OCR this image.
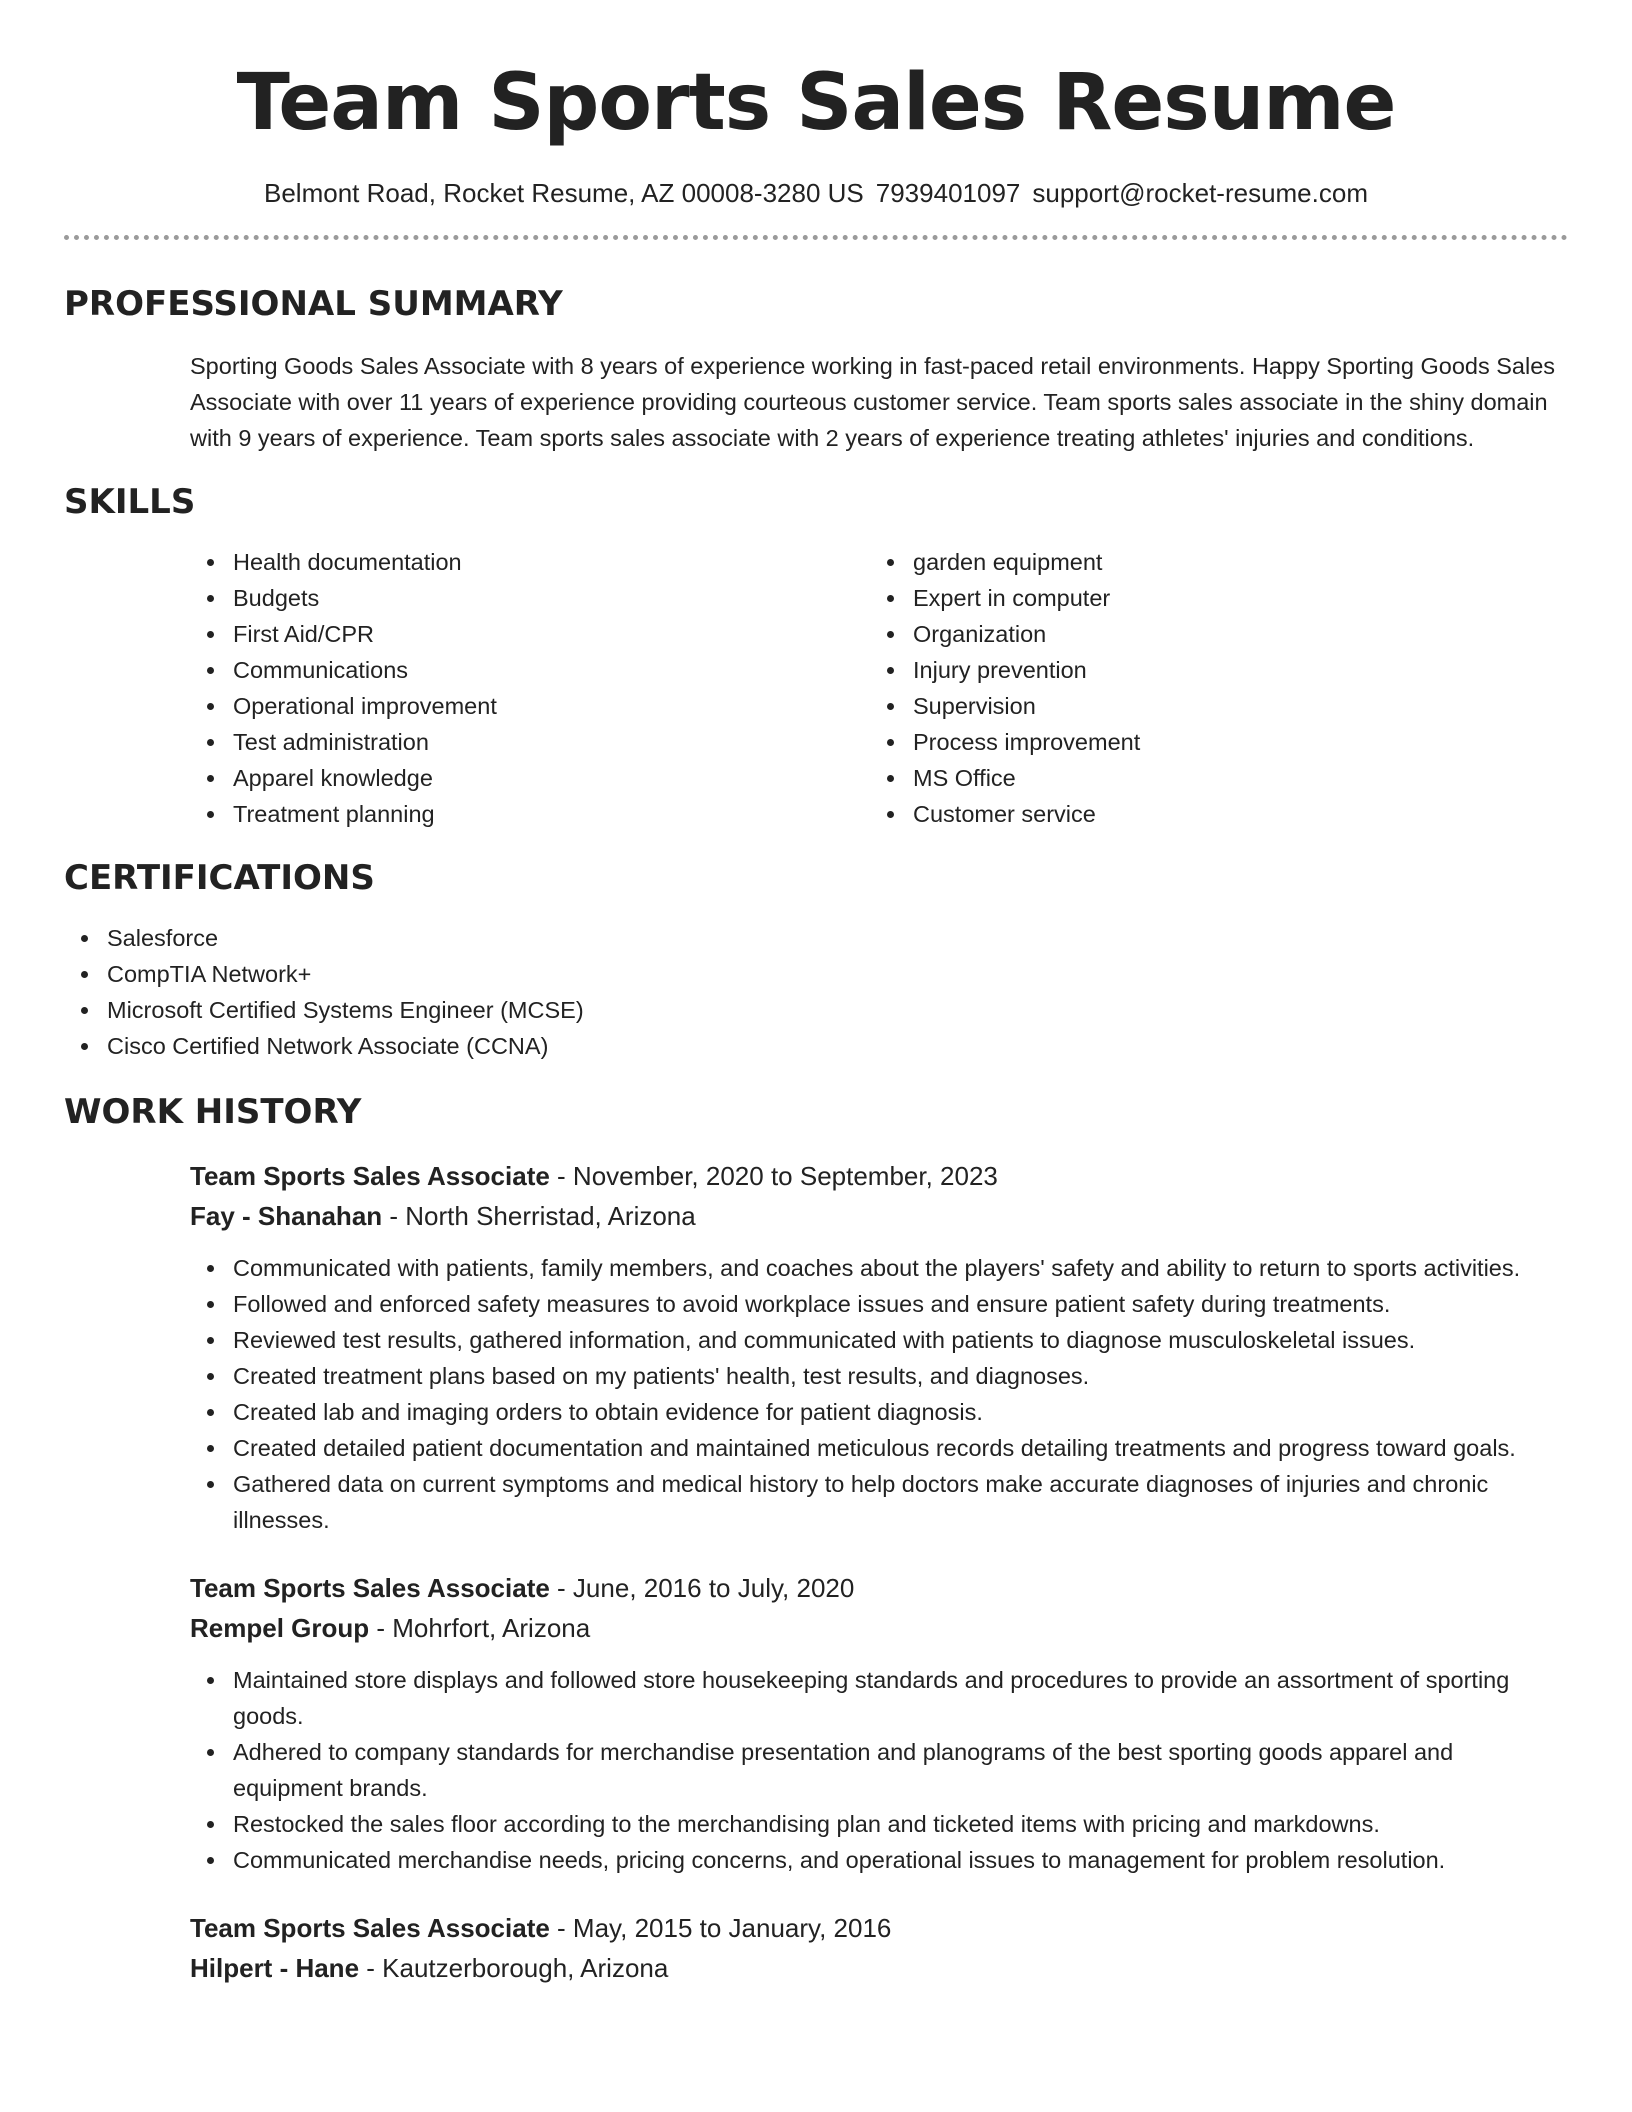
Team Sports Sales Resume
Belmont Road, Rocket Resume, AZ 00008-3280 US 7939401097 support@rocket-resume.com
PROFESSIONAL SUMMARY

Sporting Goods Sales Associate with 8 years of experience working in fast-paced retail environments. Happy Sporting Goods Sales Associate with over 11 years of experience providing courteous customer service. Team sports sales associate in the shiny domain with 9 years of experience. Team sports sales associate with 2 years of experience treating athletes' injuries and conditions.

SKILLS
Health documentation
Budgets
First Aid/CPR
Communications
Operational improvement
Test administration
Apparel knowledge
Treatment planning
garden equipment
Expert in computer
Organization
Injury prevention
Supervision
Process improvement
MS Office
Customer service
CERTIFICATIONS
Salesforce
CompTIA Network+
Microsoft Certified Systems Engineer (MCSE)
Cisco Certified Network Associate (CCNA)
WORK HISTORY
Team Sports Sales Associate - November, 2020 to September, 2023
Fay - Shanahan - North Sherristad, Arizona
Communicated with patients, family members, and coaches about the players' safety and ability to return to sports activities.
Followed and enforced safety measures to avoid workplace issues and ensure patient safety during treatments.
Reviewed test results, gathered information, and communicated with patients to diagnose musculoskeletal issues.
Created treatment plans based on my patients' health, test results, and diagnoses.
Created lab and imaging orders to obtain evidence for patient diagnosis.
Created detailed patient documentation and maintained meticulous records detailing treatments and progress toward goals.
Gathered data on current symptoms and medical history to help doctors make accurate diagnoses of injuries and chronic illnesses.
Team Sports Sales Associate - June, 2016 to July, 2020
Rempel Group - Mohrfort, Arizona
Maintained store displays and followed store housekeeping standards and procedures to provide an assortment of sporting goods.
Adhered to company standards for merchandise presentation and planograms of the best sporting goods apparel and equipment brands.
Restocked the sales floor according to the merchandising plan and ticketed items with pricing and markdowns.
Communicated merchandise needs, pricing concerns, and operational issues to management for problem resolution.
Team Sports Sales Associate - May, 2015 to January, 2016
Hilpert - Hane - Kautzerborough, Arizona
